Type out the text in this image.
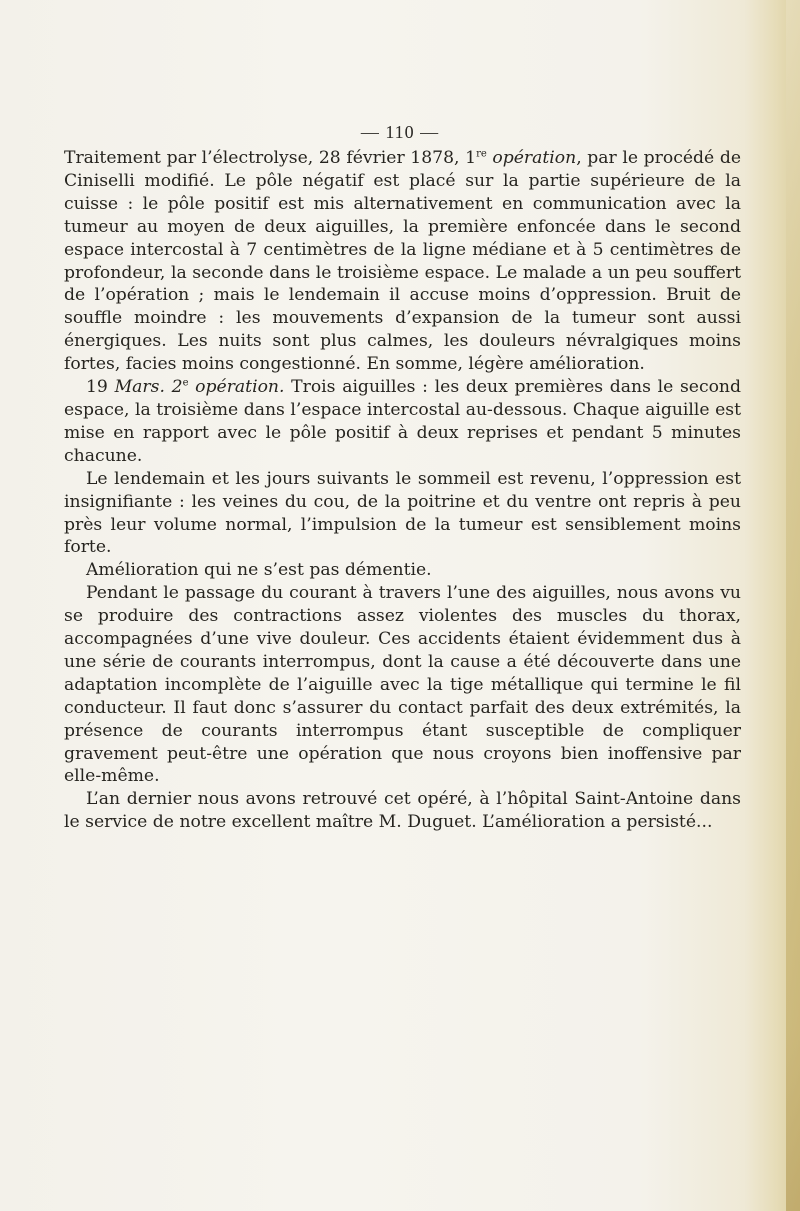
— 110 —

Traitement par l’électrolyse, 28 février 1878, 1re opération, par le procédé de Ciniselli modifié. Le pôle négatif est placé sur la partie supérieure de la cuisse : le pôle positif est mis alternativement en communication avec la tumeur au moyen de deux aiguilles, la première enfoncée dans le second espace intercostal à 7 centimètres de la ligne médiane et à 5 centimètres de profondeur, la seconde dans le troisième espace. Le malade a un peu souffert de l’opération ; mais le lendemain il accuse moins d’oppression. Bruit de souffle moindre : les mouvements d’expansion de la tumeur sont aussi énergiques. Les nuits sont plus calmes, les douleurs névralgiques moins fortes, facies moins congestionné. En somme, légère amélioration.

19 Mars. 2e opération. Trois aiguilles : les deux premières dans le second espace, la troisième dans l’espace intercostal au-dessous. Chaque aiguille est mise en rapport avec le pôle positif à deux reprises et pendant 5 minutes chacune.

Le lendemain et les jours suivants le sommeil est revenu, l’oppression est insignifiante : les veines du cou, de la poitrine et du ventre ont repris à peu près leur volume normal, l’impulsion de la tumeur est sensiblement moins forte.

Amélioration qui ne s’est pas démentie.

Pendant le passage du courant à travers l’une des aiguilles, nous avons vu se produire des contractions assez violentes des muscles du thorax, accompagnées d’une vive douleur. Ces accidents étaient évidemment dus à une série de courants interrompus, dont la cause a été découverte dans une adaptation incomplète de l’aiguille avec la tige métallique qui termine le fil conducteur. Il faut donc s’assurer du contact parfait des deux extrémités, la présence de courants interrompus étant susceptible de compliquer gravement peut-être une opération que nous croyons bien inoffensive par elle-même.

L’an dernier nous avons retrouvé cet opéré, à l’hôpital Saint-Antoine dans le service de notre excellent maître M. Duguet. L’amélioration a persisté...
